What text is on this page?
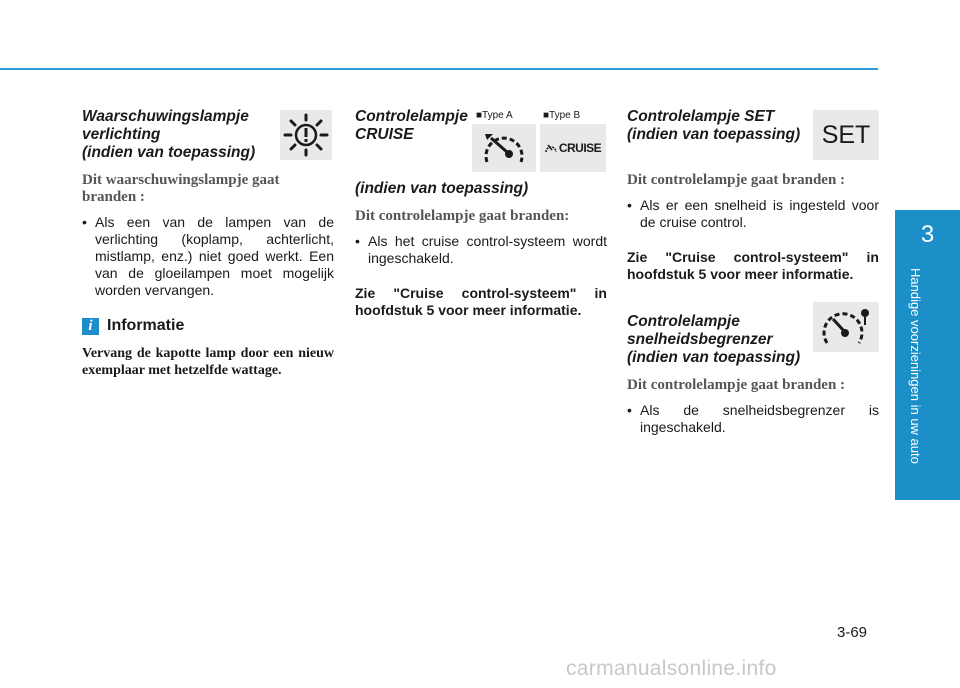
3
Handige voorzieningen in uw auto

Waarschuwingslampje
verlichting
(indien van toepassing)

Dit waarschuwingslampje gaat branden :
• Als een van de lampen van de verlichting (koplamp, achterlicht, mistlamp, enz.) niet goed werkt. Een van de gloeilampen moet mogelijk worden vervangen.
i Informatie
Vervang de kapotte lamp door een nieuw exemplaar met hetzelfde wattage.

Controlelampje
CRUISE

(indien van toepassing)

Dit controlelampje gaat branden:
• Als het cruise control-systeem wordt ingeschakeld.
Zie "Cruise control-systeem" in hoofdstuk 5 voor meer informatie.
■Type A	■Type B
CRUISE

Controlelampje SET
(indien van toepassing)

Dit controlelampje gaat branden :
• Als er een snelheid is ingesteld voor de cruise control.
Zie "Cruise control-systeem" in hoofdstuk 5 voor meer informatie.

Controlelampje
snelheidsbegrenzer
(indien van toepassing)

Dit controlelampje gaat branden :
• Als de snelheidsbegrenzer is ingeschakeld.
SET
3-69
carmanualsonline.info
